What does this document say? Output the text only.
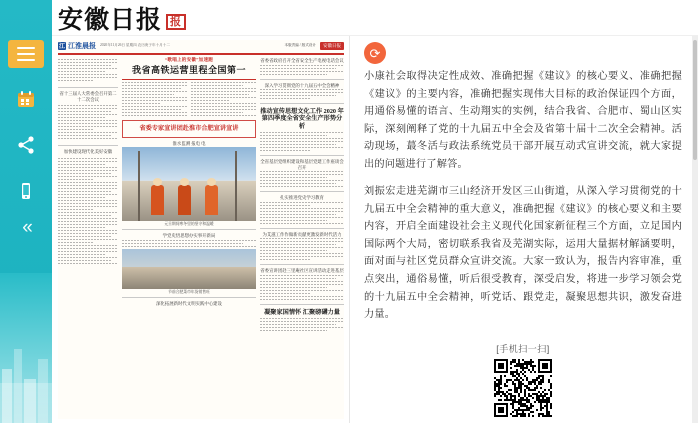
«
安徽日报 报
江 江淮晨报 2020年11月26日 星期四 农历庚子年十月十二	本版责编 / 版式设计	安徽日报
省十三届人大常委会召开第二十二次会议
加快建设现代化美好安徽
“歌唱上的安徽”加速跑
我省高铁运营里程全国第一
省委专家宣讲团赴淮市合肥宣讲宣讲
淮水监测 报电 电
元旦期间寒冬里的坚守和温暖
学党史悟思想办实事开新局
节前合肥菜市年货销售旺
深化拓展新时代文明实践中心建设
省委省政府召开全省安全生产电视电话会议
深入学习贯彻党的十九届五中全会精神
推动宣传思想文化工作 2020 年第四季度全省安全生产形势分析
全省基层党组织建设和基层党建工作座谈会召开
扎实推进党史学习教育
为艾滋工作作做新贡献更激发新时代活力
省委宣讲团赴三里庵社区宣讲活动走进基层
凝聚家国情怀 汇聚磅礴力量
⟳

小康社会取得决定性成效、准确把握《建议》的核心要义、准确把握《建议》的主要内容，准确把握实现伟大目标的政治保证四个方面，用通俗易懂的语言、生动翔实的实例，结合我省、合肥市、蜀山区实际，深刻阐释了党的十九届五中全会及省第十届十二次全会精神。活动现场，蕞冬活与政法系统党员干部开展互动式宣讲交流，就大家提出的问题进行了解答。

刘振宏走进芜湖市三山经济开发区三山街道，从深入学习贯彻党的十九届五中全会精神的重大意义，准确把握《建议》的核心要义和主要内容，开启全面建设社会主义现代化国家新征程三个方面，立足国内国际两个大局，密切联系我省及芜湖实际，运用大量据材解涵要明，面对面与社区党员群众宣讲交流。大家一致认为，报告内容审准，重点突出，通俗易懂，听后很受教育，深受启发，将进一步学习领会党的十九届五中全会精神，听党话、跟党走，凝聚思想共识，激发奋进力量。

[手机扫一扫]
